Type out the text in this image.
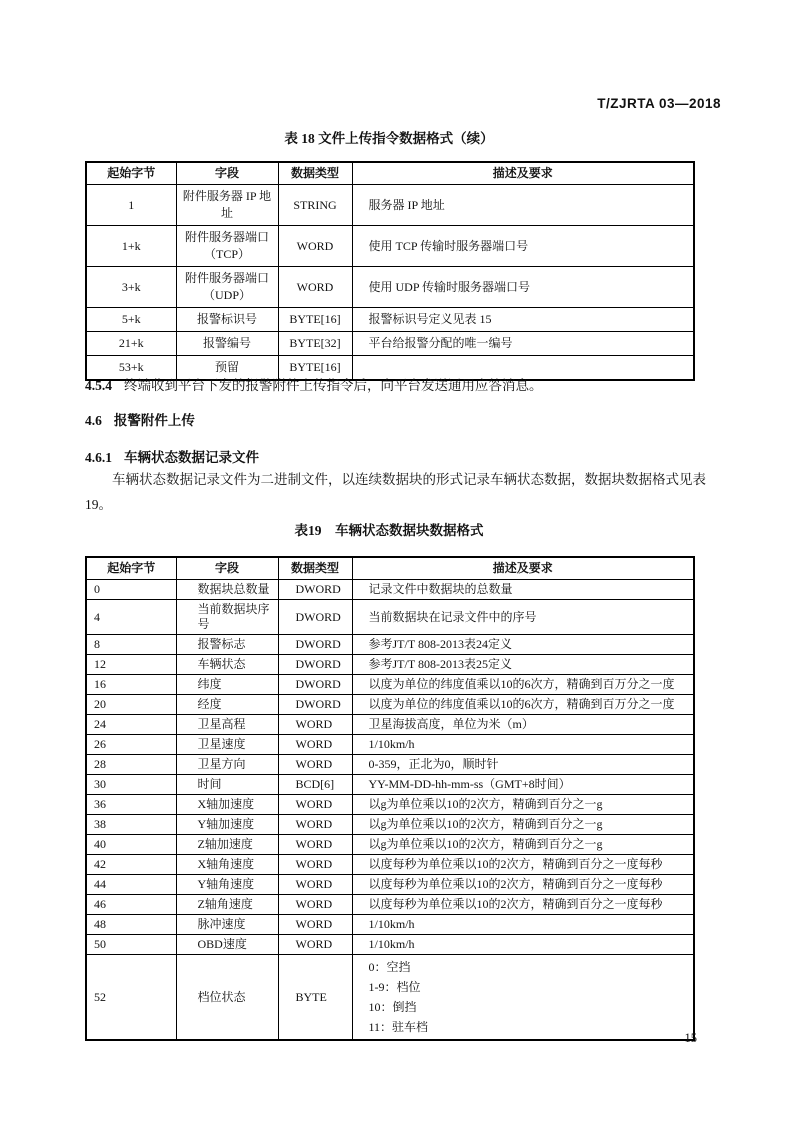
T/ZJRTA 03—2018
表 18 文件上传指令数据格式（续）
起始字节	字段	数据类型	描述及要求
1	附件服务器 IP 地址	STRING	服务器 IP 地址
1+k	附件服务器端口（TCP）	WORD	使用 TCP 传输时服务器端口号
3+k	附件服务器端口（UDP）	WORD	使用 UDP 传输时服务器端口号
5+k	报警标识号	BYTE[16]	报警标识号定义见表 15
21+k	报警编号	BYTE[32]	平台给报警分配的唯一编号
53+k	预留	BYTE[16]	
4.5.4 终端收到平台下发的报警附件上传指令后，向平台发送通用应答消息。
4.6 报警附件上传
4.6.1 车辆状态数据记录文件
车辆状态数据记录文件为二进制文件，以连续数据块的形式记录车辆状态数据，数据块数据格式见表19。
表19　车辆状态数据块数据格式
起始字节	字段	数据类型	描述及要求
0	数据块总数量	DWORD	记录文件中数据块的总数量
4	当前数据块序号	DWORD	当前数据块在记录文件中的序号
8	报警标志	DWORD	参考JT/T 808-2013表24定义
12	车辆状态	DWORD	参考JT/T 808-2013表25定义
16	纬度	DWORD	以度为单位的纬度值乘以10的6次方，精确到百万分之一度
20	经度	DWORD	以度为单位的纬度值乘以10的6次方，精确到百万分之一度
24	卫星高程	WORD	卫星海拔高度，单位为米（m）
26	卫星速度	WORD	1/10km/h
28	卫星方向	WORD	0-359，正北为0，顺时针
30	时间	BCD[6]	YY-MM-DD-hh-mm-ss（GMT+8时间）
36	X轴加速度	WORD	以g为单位乘以10的2次方，精确到百分之一g
38	Y轴加速度	WORD	以g为单位乘以10的2次方，精确到百分之一g
40	Z轴加速度	WORD	以g为单位乘以10的2次方，精确到百分之一g
42	X轴角速度	WORD	以度每秒为单位乘以10的2次方，精确到百分之一度每秒
44	Y轴角速度	WORD	以度每秒为单位乘以10的2次方，精确到百分之一度每秒
46	Z轴角速度	WORD	以度每秒为单位乘以10的2次方，精确到百分之一度每秒
48	脉冲速度	WORD	1/10km/h
50	OBD速度	WORD	1/10km/h
52	档位状态	BYTE	0：空挡
1-9：档位
10：倒挡
11：驻车档
15
